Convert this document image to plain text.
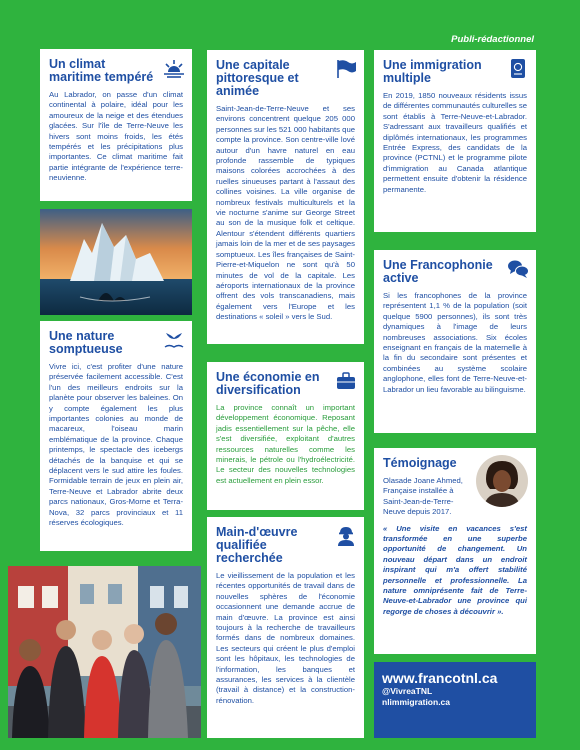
Publi-rédactionnel
Un climat maritime tempéré

Au Labrador, on passe d'un climat continental à polaire, idéal pour les amoureux de la neige et des étendues glacées. Sur l'île de Terre-Neuve les hivers sont moins froids, les étés tempérés et les précipitations plus importantes. Ce climat maritime fait partie intégrante de l'expérience terre-neuvienne.

Une capitale pittoresque et animée

Saint-Jean-de-Terre-Neuve et ses environs concentrent quelque 205 000 personnes sur les 521 000 habitants que compte la province. Son centre-ville lové autour d'un havre naturel en eau profonde rassemble de typiques maisons colorées accrochées à des ruelles sinueuses partant à l'assaut des collines voisines. La ville organise de nombreux festivals multiculturels et la vie nocturne s'anime sur George Street au son de la musique folk et celtique. Alentour s'étendent différents quartiers jamais loin de la mer et de ses paysages somptueux. Les îles françaises de Saint-Pierre-et-Miquelon ne sont qu'à 50 minutes de vol de la capitale. Les aéroports internationaux de la province offrent des vols transcanadiens, mais également vers l'Europe et les destinations « soleil » vers le Sud.

Une immigration multiple

En 2019, 1850 nouveaux résidents issus de différentes communautés culturelles se sont établis à Terre-Neuve-et-Labrador. S'adressant aux travailleurs qualifiés et diplômés internationaux, les programmes Entrée Express, des candidats de la province (PCTNL) et le programme pilote d'immigration au Canada atlantique permettent ensuite d'obtenir la résidence permanente.

Une nature somptueuse

Vivre ici, c'est profiter d'une nature préservée facilement accessible. C'est l'un des meilleurs endroits sur la planète pour observer les baleines. On y compte également les plus importantes colonies au monde de macareux, l'oiseau marin emblématique de la province. Chaque printemps, le spectacle des icebergs détachés de la banquise et qui se déplacent vers le sud attire les foules. Formidable terrain de jeux en plein air, Terre-Neuve et Labrador abrite deux parcs nationaux, Gros-Morne et Terra-Nova, 32 parcs provinciaux et 11 réserves écologiques.

Une économie en diversification

La province connaît un important développement économique. Reposant jadis essentiellement sur la pêche, elle s'est diversifiée, exploitant d'autres ressources naturelles comme les minerais, le pétrole ou l'hydroélectricité. Le secteur des nouvelles technologies est actuellement en plein essor.

Une Francophonie active

Si les francophones de la province représentent 1,1 % de la population (soit quelque 5900 personnes), ils sont très dynamiques à l'image de leurs nombreuses associations. Six écoles enseignant en français de la maternelle à la fin du secondaire sont présentes et combinées au système scolaire anglophone, elles font de Terre-Neuve-et-Labrador un lieu favorable au bilinguisme.

Main-d'œuvre qualifiée recherchée

Le vieillissement de la population et les récentes opportunités de travail dans de nouvelles sphères de l'économie occasionnent une demande accrue de main d'œuvre. La province est ainsi toujours à la recherche de travailleurs formés dans de nombreux domaines. Les secteurs qui créent le plus d'emploi sont les hôpitaux, les technologies de l'information, les banques et assurances, les services à la clientèle (travail à distance) et la construction-rénovation.

Témoignage

Olasade Joane Ahmed, Française installée à Saint-Jean-de-Terre-Neuve depuis 2017.

« Une visite en vacances s'est transformée en une superbe opportunité de changement. Un nouveau départ dans un endroit inspirant qui m'a offert stabilité personnelle et professionnelle. La nature omniprésente fait de Terre-Neuve-et-Labrador une province qui regorge de choses à découvrir ».

www.francotnl.ca
@VivreaTNL
nlimmigration.ca
